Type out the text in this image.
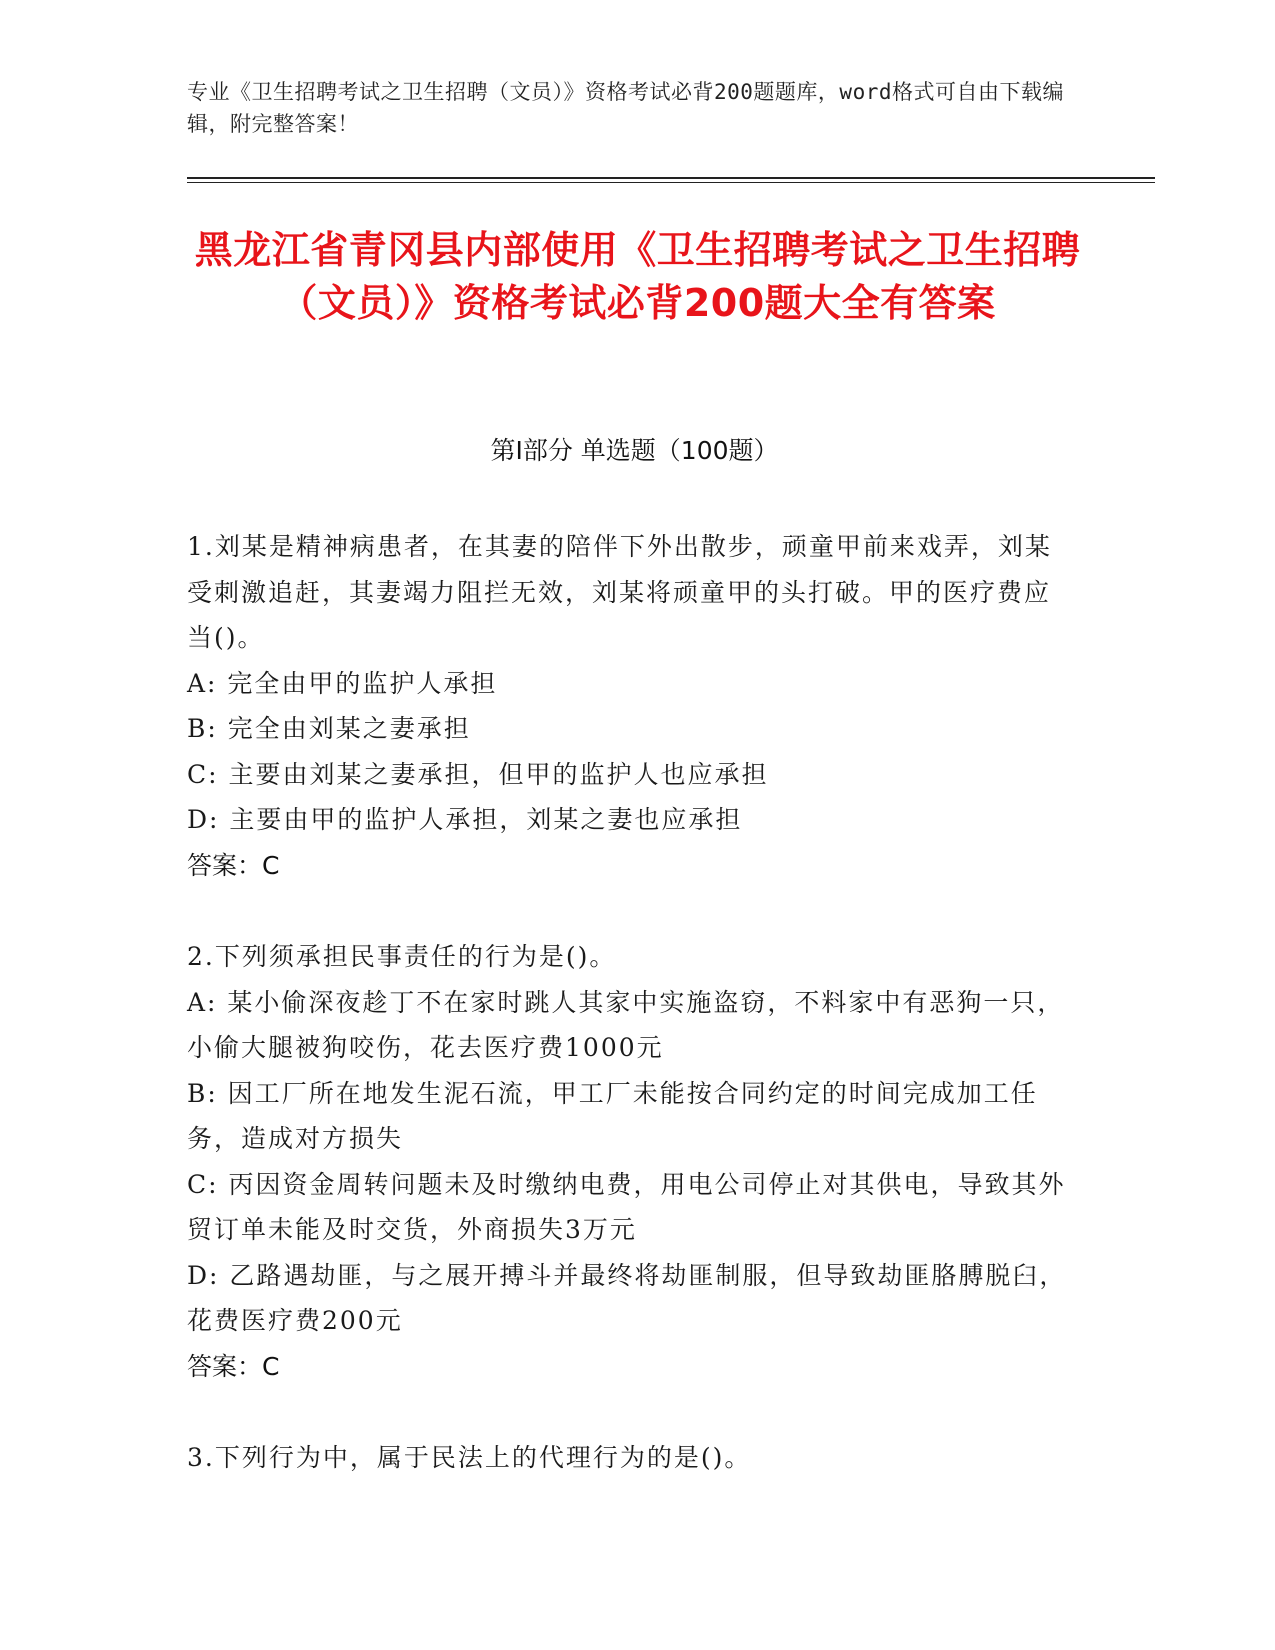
专业《卫生招聘考试之卫生招聘（文员）》资格考试必背200题题库，word格式可自由下载编辑，附完整答案！
黑龙江省青冈县内部使用《卫生招聘考试之卫生招聘（文员）》资格考试必背200题大全有答案
第Ⅰ部分 单选题（100题）

1.刘某是精神病患者，在其妻的陪伴下外出散步，顽童甲前来戏弄，刘某受刺激追赶，其妻竭力阻拦无效，刘某将顽童甲的头打破。甲的医疗费应当()。

A: 完全由甲的监护人承担

B: 完全由刘某之妻承担

C: 主要由刘某之妻承担，但甲的监护人也应承担

D: 主要由甲的监护人承担，刘某之妻也应承担

答案：C

2.下列须承担民事责任的行为是()。

A: 某小偷深夜趁丁不在家时跳人其家中实施盗窃，不料家中有恶狗一只，小偷大腿被狗咬伤，花去医疗费1000元

B: 因工厂所在地发生泥石流，甲工厂未能按合同约定的时间完成加工任务，造成对方损失

C: 丙因资金周转问题未及时缴纳电费，用电公司停止对其供电，导致其外贸订单未能及时交货，外商损失3万元

D: 乙路遇劫匪，与之展开搏斗并最终将劫匪制服，但导致劫匪胳膊脱臼，花费医疗费200元

答案：C

3.下列行为中，属于民法上的代理行为的是()。
